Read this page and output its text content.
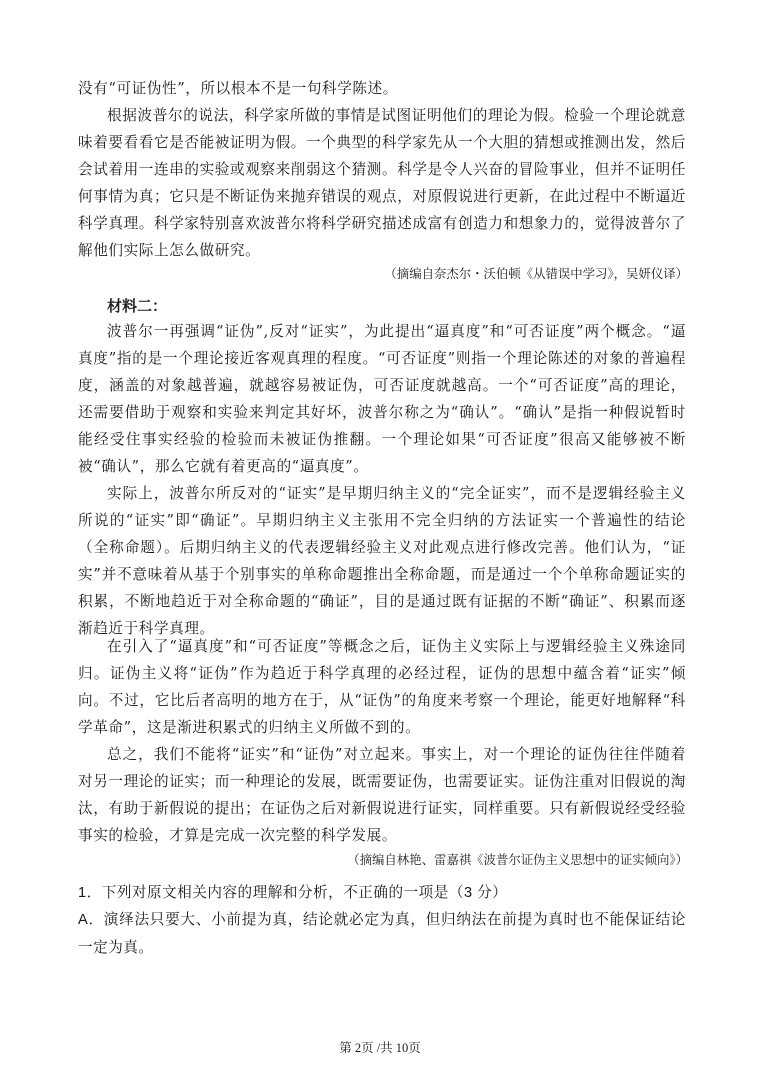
没有“可证伪性”，所以根本不是一句科学陈述。

根据波普尔的说法，科学家所做的事情是试图证明他们的理论为假。检验一个理论就意味着要看看它是否能被证明为假。一个典型的科学家先从一个大胆的猜想或推测出发，然后会试着用一连串的实验或观察来削弱这个猜测。科学是令人兴奋的冒险事业，但并不证明任何事情为真；它只是不断证伪来抛弃错误的观点，对原假说进行更新，在此过程中不断逼近科学真理。科学家特别喜欢波普尔将科学研究描述成富有创造力和想象力的，觉得波普尔了解他们实际上怎么做研究。

（摘编自奈杰尔・沃伯顿《从错误中学习》，吴妍仪译）
材料二：

波普尔一再强调“证伪”,反对“证实”，为此提出“逼真度”和“可否证度”两个概念。“逼真度”指的是一个理论接近客观真理的程度。“可否证度”则指一个理论陈述的对象的普遍程度，涵盖的对象越普遍，就越容易被证伪，可否证度就越高。一个“可否证度”高的理论，还需要借助于观察和实验来判定其好坏，波普尔称之为“确认”。“确认”是指一种假说暂时能经受住事实经验的检验而未被证伪推翻。一个理论如果“可否证度”很高又能够被不断被“确认”，那么它就有着更高的“逼真度”。

实际上，波普尔所反对的“证实”是早期归纳主义的“完全证实”，而不是逻辑经验主义所说的“证实”即“确证”。早期归纳主义主张用不完全归纳的方法证实一个普遍性的结论（全称命题）。后期归纳主义的代表逻辑经验主义对此观点进行修改完善。他们认为，“证实”并不意味着从基于个别事实的单称命题推出全称命题，而是通过一个个单称命题证实的积累，不断地趋近于对全称命题的“确证”，目的是通过既有证据的不断“确证”、积累而逐渐趋近于科学真理。

在引入了“逼真度”和“可否证度”等概念之后，证伪主义实际上与逻辑经验主义殊途同归。证伪主义将“证伪”作为趋近于科学真理的必经过程，证伪的思想中蕴含着“证实”倾向。不过，它比后者高明的地方在于，从“证伪”的角度来考察一个理论，能更好地解释“科学革命”，这是渐进积累式的归纳主义所做不到的。

总之，我们不能将“证实”和“证伪”对立起来。事实上，对一个理论的证伪往往伴随着对另一理论的证实；而一种理论的发展，既需要证伪，也需要证实。证伪注重对旧假说的淘汰，有助于新假说的提出；在证伪之后对新假说进行证实，同样重要。只有新假说经受经验事实的检验，才算是完成一次完整的科学发展。

（摘编自林艳、雷嘉祺《波普尔证伪主义思想中的证实倾向》）

1．下列对原文相关内容的理解和分析，不正确的一项是（3 分）

A．演绎法只要大、小前提为真，结论就必定为真，但归纳法在前提为真时也不能保证结论一定为真。

第 2页 /共 10页
